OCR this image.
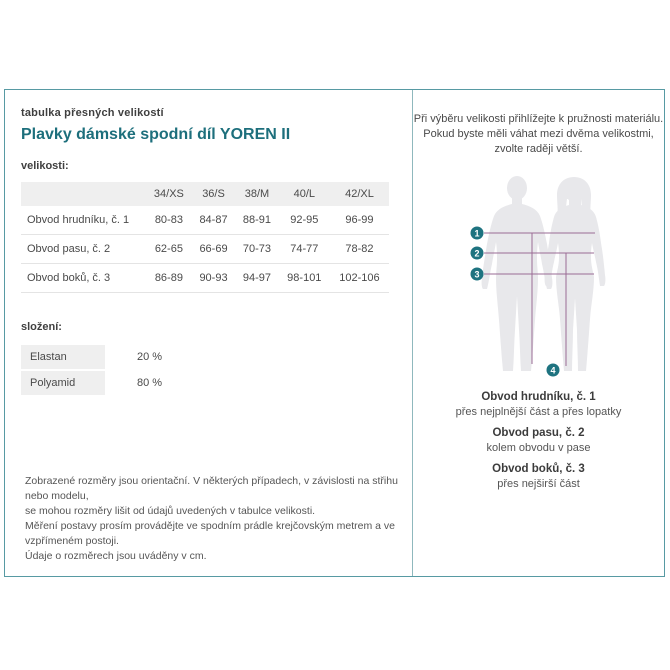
tabulka přesných velikostí
Plavky dámské spodní díl YOREN II
velikosti:
	34/XS	36/S	38/M	40/L	42/XL
Obvod hrudníku, č. 1	80-83	84-87	88-91	92-95	96-99
Obvod pasu, č. 2	62-65	66-69	70-73	74-77	78-82
Obvod boků, č. 3	86-89	90-93	94-97	98-101	102-106
složení:
Elastan	20 %
Polyamid	80 %
Zobrazené rozměry jsou orientační. V některých případech, v závislosti na střihu nebo modelu,
se mohou rozměry lišit od údajů uvedených v tabulce velikosti.
Měření postavy prosím provádějte ve spodním prádle krejčovským metrem a ve vzpřímeném postoji.
Údaje o rozměrech jsou uváděny v cm.
Při výběru velikosti přihlížejte k pružnosti materiálu.
Pokud byste měli váhat mezi dvěma velikostmi,
zvolte raději větší.
1
2
3
4
Obvod hrudníku, č. 1
přes nejplnější část a přes lopatky
Obvod pasu, č. 2
kolem obvodu v pase
Obvod boků, č. 3
přes nejširší část
